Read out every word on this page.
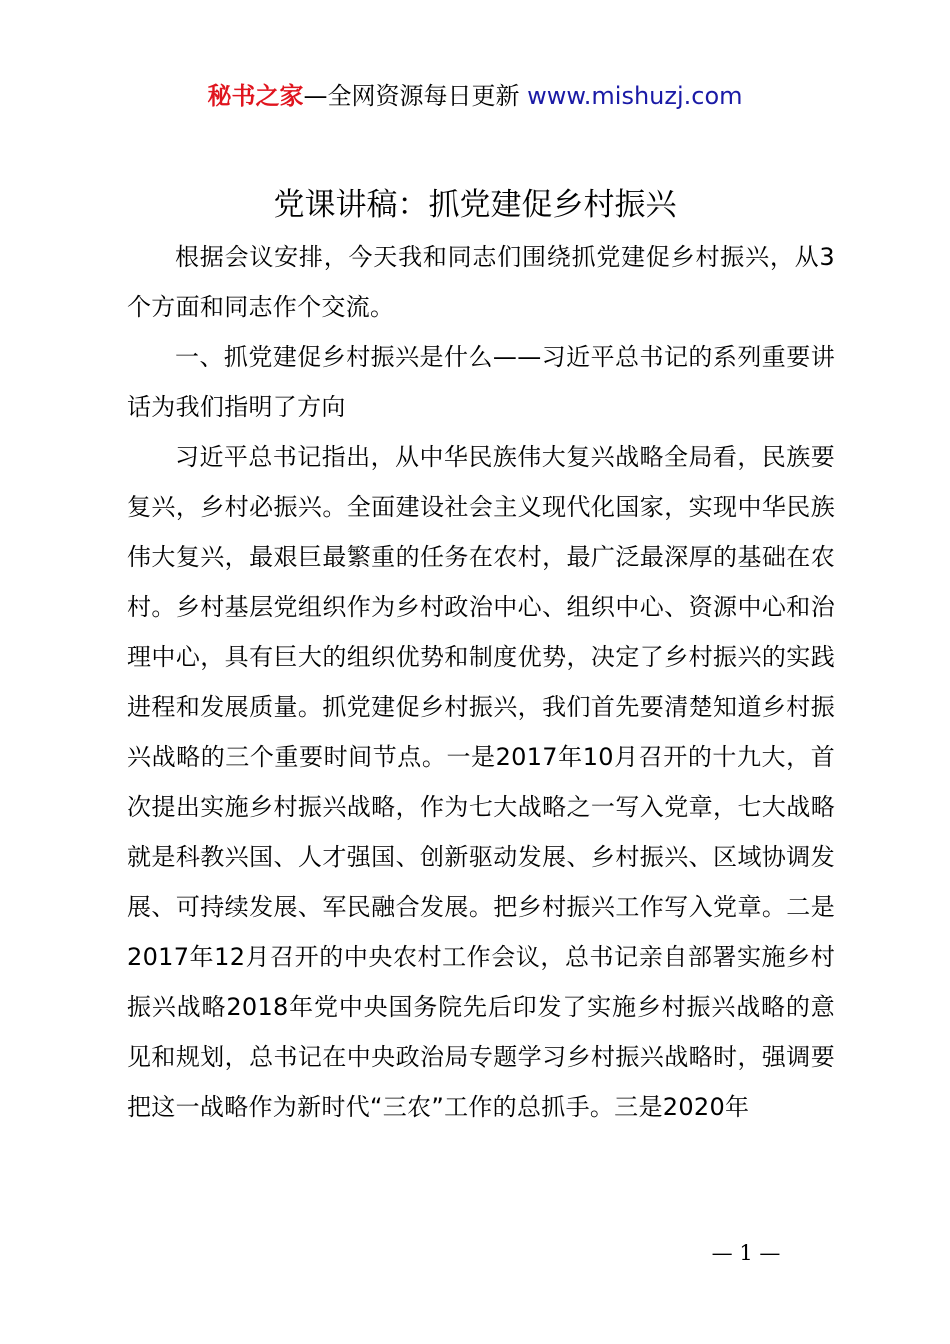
秘书之家—全网资源每日更新 www.mishuzj.com
党课讲稿：抓党建促乡村振兴

根据会议安排，今天我和同志们围绕抓党建促乡村振兴，从3个方面和同志作个交流。

一、抓党建促乡村振兴是什么——习近平总书记的系列重要讲话为我们指明了方向

习近平总书记指出，从中华民族伟大复兴战略全局看，民族要复兴，乡村必振兴。全面建设社会主义现代化国家，实现中华民族伟大复兴，最艰巨最繁重的任务在农村，最广泛最深厚的基础在农村。乡村基层党组织作为乡村政治中心、组织中心、资源中心和治理中心，具有巨大的组织优势和制度优势，决定了乡村振兴的实践进程和发展质量。抓党建促乡村振兴，我们首先要清楚知道乡村振兴战略的三个重要时间节点。一是2017年10月召开的十九大，首次提出实施乡村振兴战略，作为七大战略之一写入党章，七大战略就是科教兴国、人才强国、创新驱动发展、乡村振兴、区域协调发展、可持续发展、军民融合发展。把乡村振兴工作写入党章。二是2017年12月召开的中央农村工作会议，总书记亲自部署实施乡村振兴战略2018年党中央国务院先后印发了实施乡村振兴战略的意见和规划，总书记在中央政治局专题学习乡村振兴战略时，强调要把这一战略作为新时代“三农”工作的总抓手。三是2020年

— 1 —
